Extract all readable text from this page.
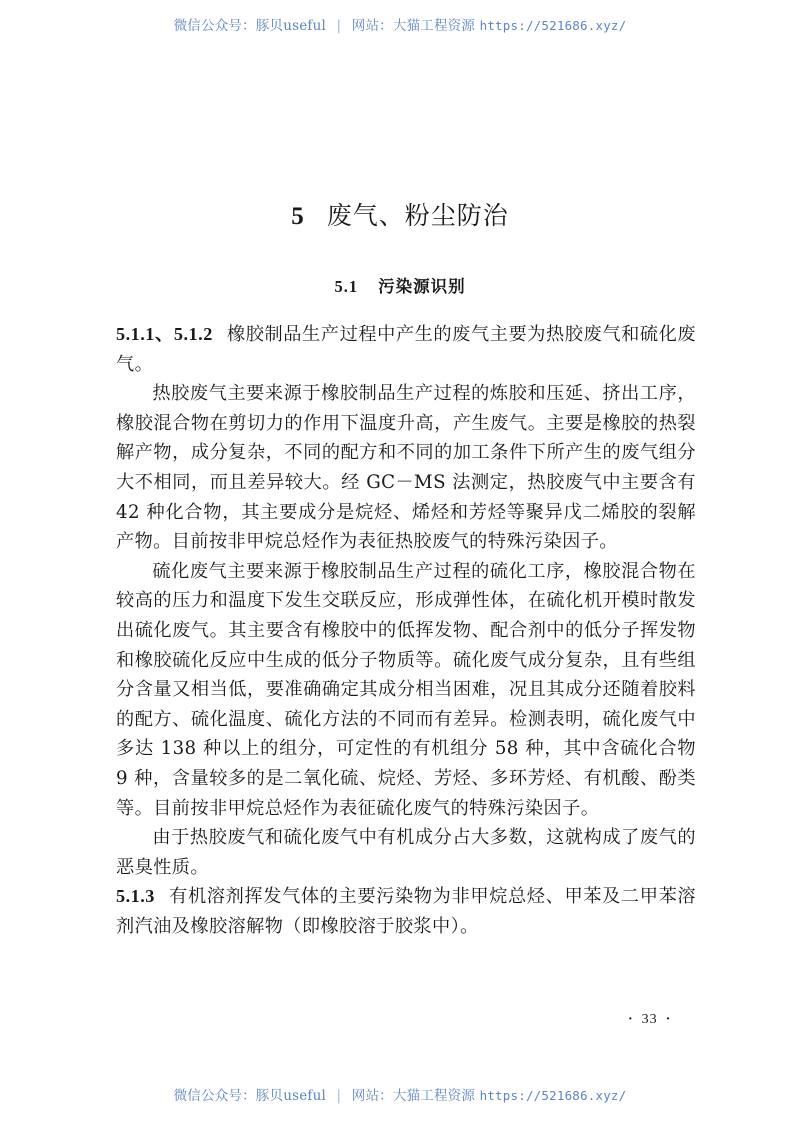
微信公众号：豚贝useful | 网站：大猫工程资源 https://521686.xyz/
5 废气、粉尘防治
5.1 污染源识别

5.1.1、5.1.2 橡胶制品生产过程中产生的废气主要为热胶废气和硫化废气。

热胶废气主要来源于橡胶制品生产过程的炼胶和压延、挤出工序，橡胶混合物在剪切力的作用下温度升高，产生废气。主要是橡胶的热裂解产物，成分复杂，不同的配方和不同的加工条件下所产生的废气组分大不相同，而且差异较大。经 GC－MS 法测定，热胶废气中主要含有 42 种化合物，其主要成分是烷烃、烯烃和芳烃等聚异戊二烯胶的裂解产物。目前按非甲烷总烃作为表征热胶废气的特殊污染因子。

硫化废气主要来源于橡胶制品生产过程的硫化工序，橡胶混合物在较高的压力和温度下发生交联反应，形成弹性体，在硫化机开模时散发出硫化废气。其主要含有橡胶中的低挥发物、配合剂中的低分子挥发物和橡胶硫化反应中生成的低分子物质等。硫化废气成分复杂，且有些组分含量又相当低，要准确确定其成分相当困难，况且其成分还随着胶料的配方、硫化温度、硫化方法的不同而有差异。检测表明，硫化废气中多达 138 种以上的组分，可定性的有机组分 58 种，其中含硫化合物 9 种，含量较多的是二氧化硫、烷烃、芳烃、多环芳烃、有机酸、酚类等。目前按非甲烷总烃作为表征硫化废气的特殊污染因子。

由于热胶废气和硫化废气中有机成分占大多数，这就构成了废气的恶臭性质。

5.1.3 有机溶剂挥发气体的主要污染物为非甲烷总烃、甲苯及二甲苯溶剂汽油及橡胶溶解物（即橡胶溶于胶浆中）。

· 33 ·
微信公众号：豚贝useful | 网站：大猫工程资源 https://521686.xyz/
